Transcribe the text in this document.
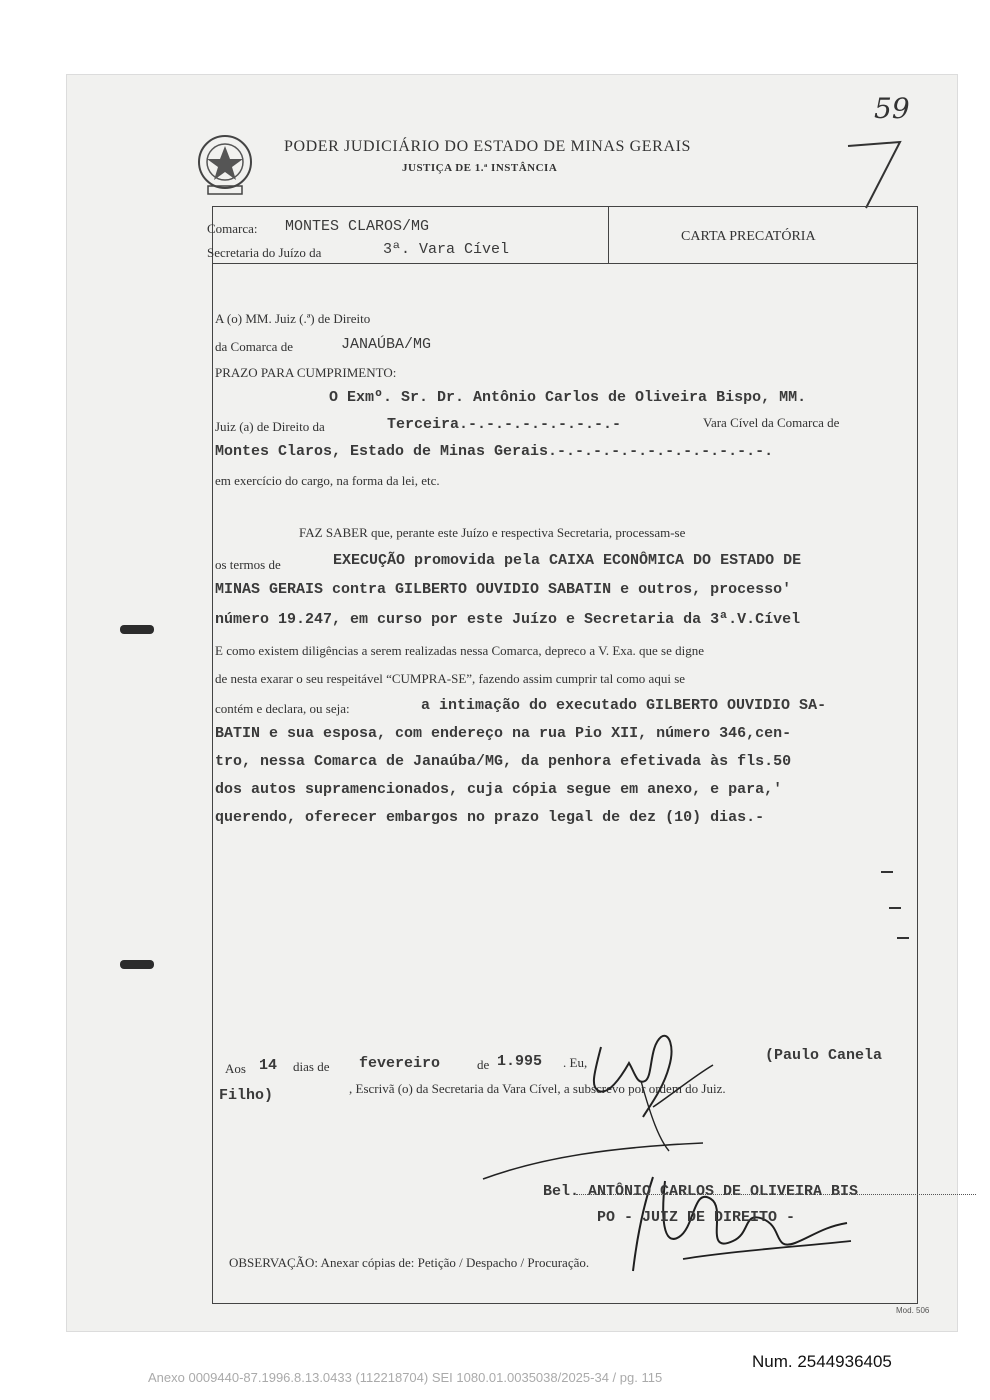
PODER JUDICIÁRIO DO ESTADO DE MINAS GERAIS
JUSTIÇA DE 1.ª INSTÂNCIA
59
Comarca: MONTES CLAROS/MG
Secretaria do Juízo da	3ª. Vara Cível
CARTA PRECATÓRIA
A (o) MM. Juiz (.ª) de Direito
da Comarca de	JANAÚBA/MG
PRAZO PARA CUMPRIMENTO:
O Exmº. Sr. Dr. Antônio Carlos de Oliveira Bispo, MM.
Juiz (a) de Direito da	Terceira.-.-.-.-.-.-.-.-.-	Vara Cível da Comarca de
Montes Claros, Estado de Minas Gerais.-.-.-.-.-.-.-.-.-.-.-.-.
em exercício do cargo, na forma da lei, etc.
FAZ SABER que, perante este Juízo e respectiva Secretaria, processam-se
os termos de	EXECUÇÃO promovida pela CAIXA ECONÔMICA DO ESTADO DE
MINAS GERAIS contra GILBERTO OUVIDIO SABATIN e outros, processo'
número 19.247, em curso por este Juízo e Secretaria da 3ª.V.Cível
E como existem diligências a serem realizadas nessa Comarca, depreco a V. Exa. que se digne
de nesta exarar o seu respeitável “CUMPRA-SE”, fazendo assim cumprir tal como aqui se
contém e declara, ou seja:	a intimação do executado GILBERTO OUVIDIO SA-
BATIN e sua esposa, com endereço na rua Pio XII, número 346,cen-
tro, nessa Comarca de Janaúba/MG, da penhora efetivada às fls.50
dos autos supramencionados, cuja cópia segue em anexo, e para,'
querendo, oferecer embargos no prazo legal de dez (10) dias.-
Aos 14 dias de fevereiro	de 1.995 . Eu,	(Paulo Canela
Filho)	, Escrivã (o) da Secretaria da Vara Cível, a subscrevo por ordem do Juiz.
Bel. ANTÔNIO CARLOS DE OLIVEIRA BIS
PO - JUIZ DE DIREITO -
OBSERVAÇÃO: Anexar cópias de: Petição / Despacho / Procuração.
Mod. 506
Num. 2544936405
Anexo 0009440-87.1996.8.13.0433 (112218704) SEI 1080.01.0035038/2025-34 / pg. 115
